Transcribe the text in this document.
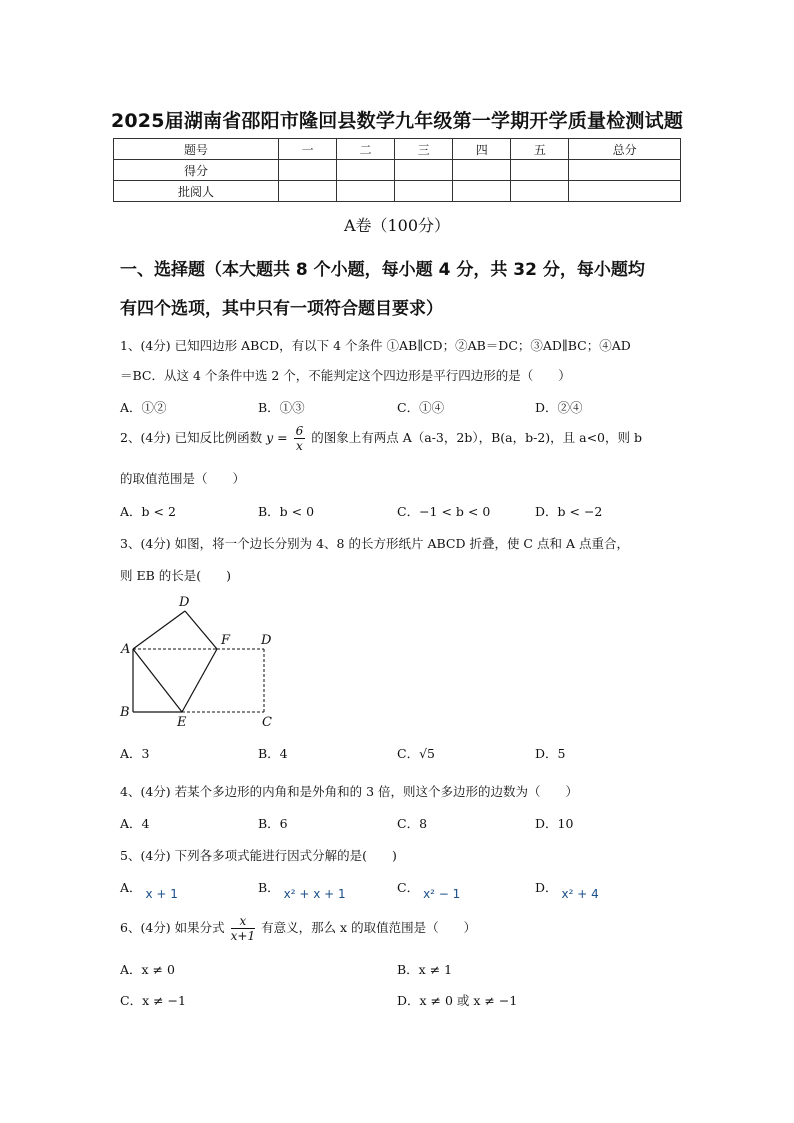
2025届湖南省邵阳市隆回县数学九年级第一学期开学质量检测试题
题号	一	二	三	四	五	总分
得分						
批阅人						
A卷（100分）
一、选择题（本大题共 8 个小题，每小题 4 分，共 32 分，每小题均
有四个选项，其中只有一项符合题目要求）
1、(4分) 已知四边形 ABCD，有以下 4 个条件 ①AB∥CD；②AB＝DC；③AD∥BC；④AD
＝BC．从这 4 个条件中选 2 个，不能判定这个四边形是平行四边形的是（　　）
A．①②	B．①③	C．①④	D．②④
2、(4分) 已知反比例函数 $y = \frac{6}{x}$ 的图象上有两点 A（a-3，2b），B(a，b-2)，且 a<0，则 b
的取值范围是（　　）
A．b < 2	B．b < 0	C．−1 < b < 0	D．b < −2
3、(4分) 如图，将一个边长分别为 4、8 的长方形纸片 ABCD 折叠，使 C 点和 A 点重合，
则 EB 的长是(　　)
D
A
F D
B
E	C
A．3	B．4	C．√5	D．5
4、(4分) 若某个多边形的内角和是外角和的 3 倍，则这个多边形的边数为（　　）
A．4	B．6	C．8	D．10
5、(4分) 下列各多项式能进行因式分解的是(　　)
A． x + 1	B． x² + x + 1	C． x² − 1	D． x² + 4
6、(4分) 如果分式 $\frac{x}{x+1}$ 有意义，那么 x 的取值范围是（　　）
A．x ≠ 0	B．x ≠ 1
C．x ≠ −1	D．x ≠ 0 或 x ≠ −1
